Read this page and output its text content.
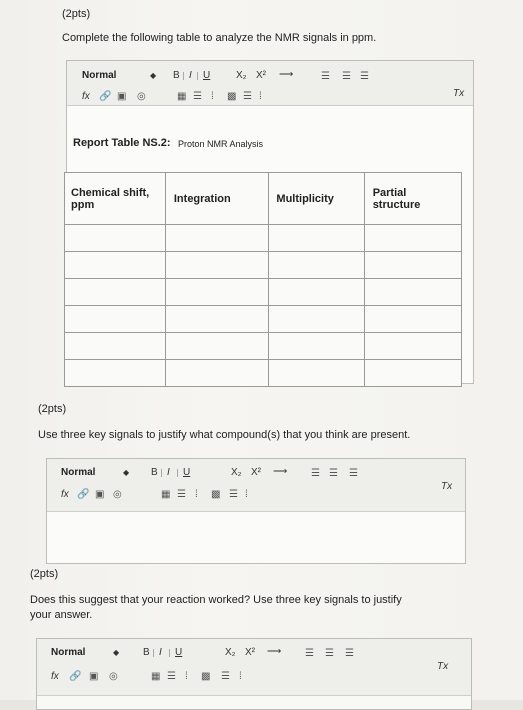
(2pts)
Complete the following table to analyze the NMR signals in ppm.
Normal	◆ B I U	X₂ X² ⟶	☰ ☰ ☰
Tx
fx 🔗 ▣ ◎	▦ ☰ ⁞ ▩ ☰ ⁞
Report Table NS.2: Proton NMR Analysis
Chemical shift,
ppm	Integration	Multiplicity	Partial
structure

(2pts)
Use three key signals to justify what compound(s) that you think are present.
Normal	◆ B I U	X₂ X² ⟶ ☰ ☰ ☰
Tx
fx 🔗 ▣ ◎	▦ ☰ ⁞ ▩ ☰ ⁞
(2pts)
Does this suggest that your reaction worked? Use three key signals to justify
your answer.
Normal	◆ B I U	X₂ X² ⟶ ☰ ☰ ☰
Tx
fx 🔗 ▣ ◎	▦ ☰ ⁞ ▩ ☰ ⁞
